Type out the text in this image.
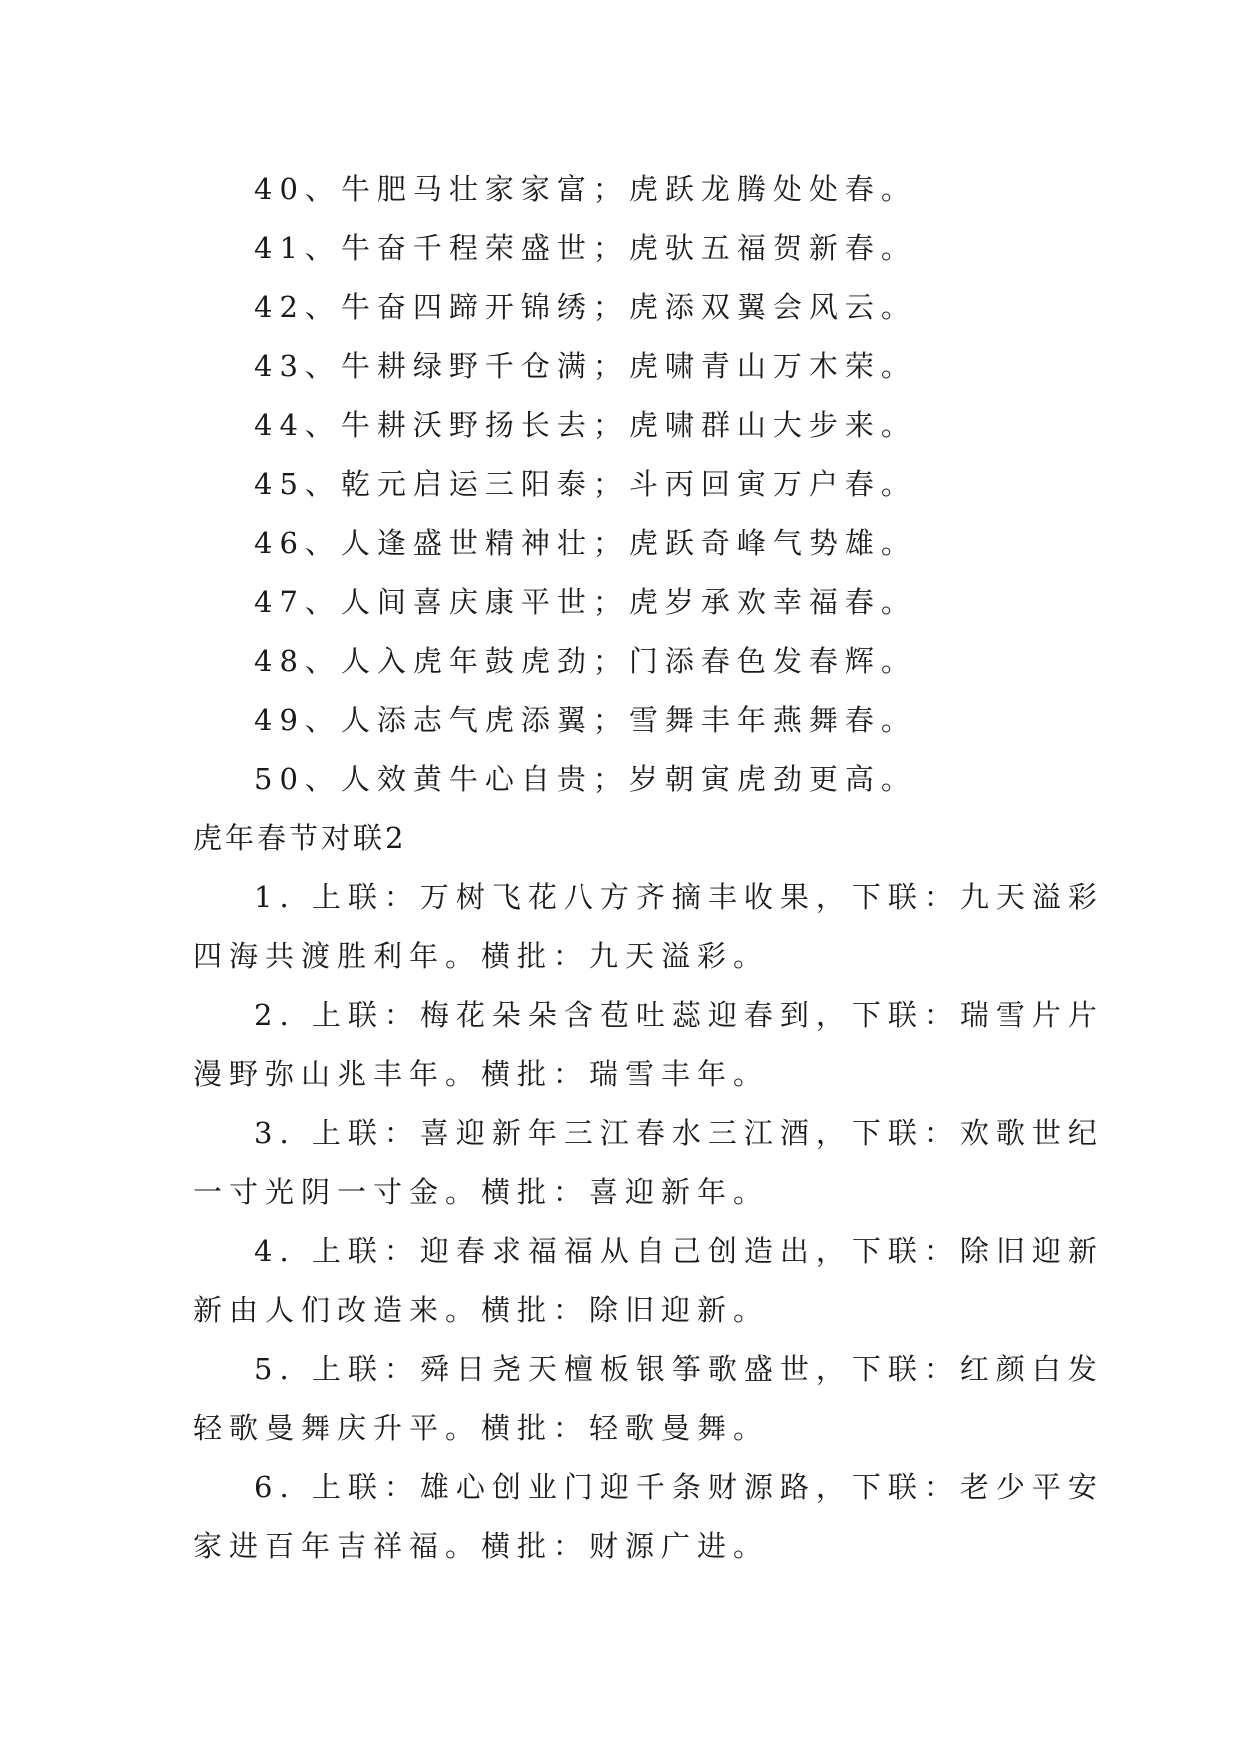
40、牛肥马壮家家富；虎跃龙腾处处春。
41、牛奋千程荣盛世；虎驮五福贺新春。
42、牛奋四蹄开锦绣；虎添双翼会风云。
43、牛耕绿野千仓满；虎啸青山万木荣。
44、牛耕沃野扬长去；虎啸群山大步来。
45、乾元启运三阳泰；斗丙回寅万户春。
46、人逢盛世精神壮；虎跃奇峰气势雄。
47、人间喜庆康平世；虎岁承欢幸福春。
48、人入虎年鼓虎劲；门添春色发春辉。
49、人添志气虎添翼；雪舞丰年燕舞春。
50、人效黄牛心自贵；岁朝寅虎劲更高。
虎年春节对联2
1. 上联：万树飞花八方齐摘丰收果，下联：九天溢彩
四海共渡胜利年。横批：九天溢彩。
2. 上联：梅花朵朵含苞吐蕊迎春到，下联：瑞雪片片
漫野弥山兆丰年。横批：瑞雪丰年。
3. 上联：喜迎新年三江春水三江酒，下联：欢歌世纪
一寸光阴一寸金。横批：喜迎新年。
4. 上联：迎春求福福从自己创造出，下联：除旧迎新
新由人们改造来。横批：除旧迎新。
5. 上联：舜日尧天檀板银筝歌盛世，下联：红颜白发
轻歌曼舞庆升平。横批：轻歌曼舞。
6. 上联：雄心创业门迎千条财源路，下联：老少平安
家进百年吉祥福。横批：财源广进。
